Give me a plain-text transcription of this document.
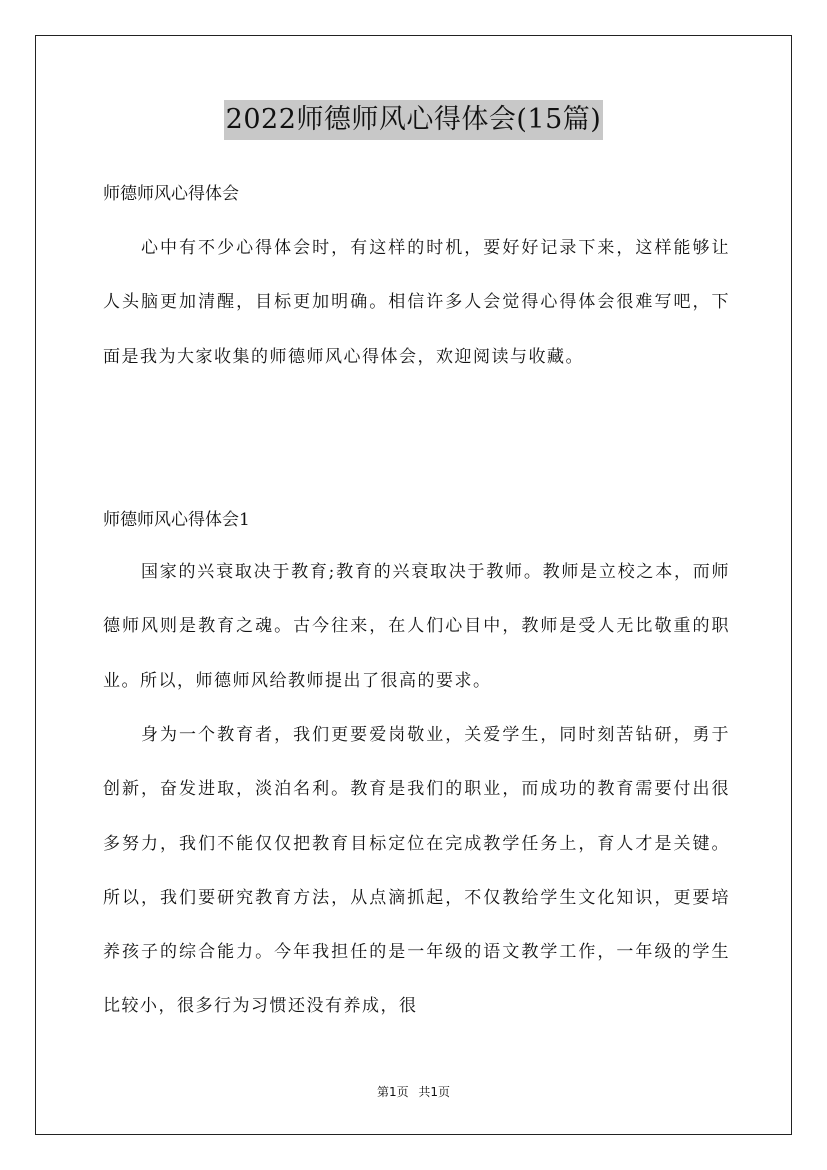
2022师德师风心得体会(15篇)
师德师风心得体会
心中有不少心得体会时，有这样的时机，要好好记录下来，这样能够让人头脑更加清醒，目标更加明确。相信许多人会觉得心得体会很难写吧，下面是我为大家收集的师德师风心得体会，欢迎阅读与收藏。
师德师风心得体会1
国家的兴衰取决于教育;教育的兴衰取决于教师。教师是立校之本，而师德师风则是教育之魂。古今往来，在人们心目中，教师是受人无比敬重的职业。所以，师德师风给教师提出了很高的要求。
身为一个教育者，我们更要爱岗敬业，关爱学生，同时刻苦钻研，勇于创新，奋发进取，淡泊名利。教育是我们的职业，而成功的教育需要付出很多努力，我们不能仅仅把教育目标定位在完成教学任务上，育人才是关键。所以，我们要研究教育方法，从点滴抓起，不仅教给学生文化知识，更要培养孩子的综合能力。今年我担任的是一年级的语文教学工作，一年级的学生比较小，很多行为习惯还没有养成，很
第1页 共1页
